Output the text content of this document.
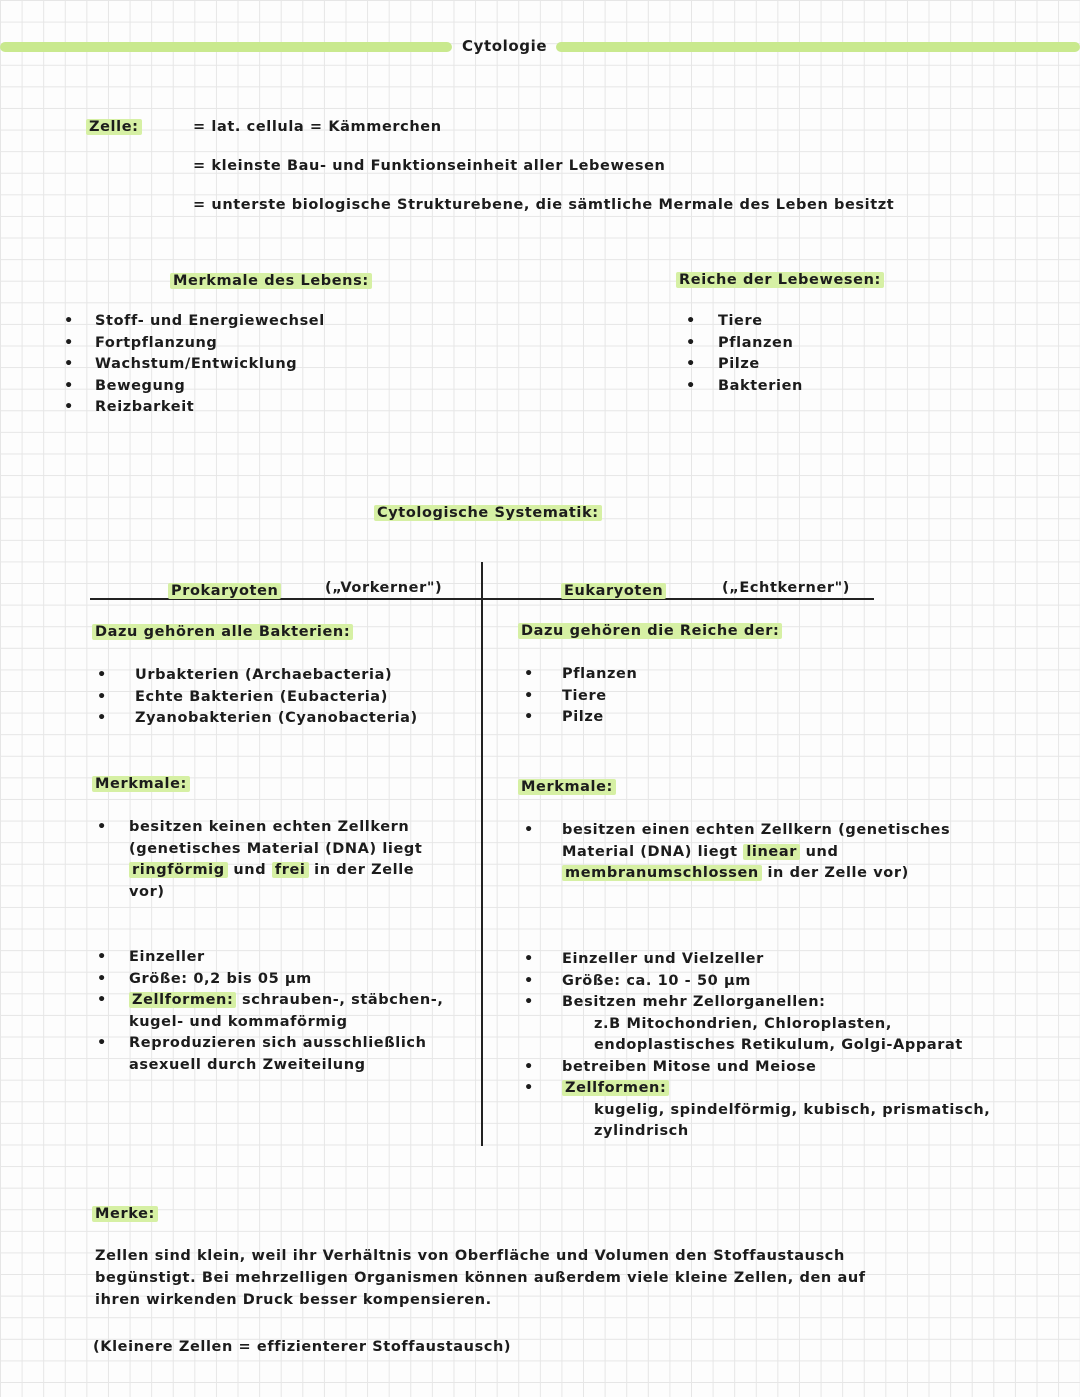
Cytologie
Zelle:	= lat. cellula = Kämmerchen
= kleinste Bau- und Funktionseinheit aller Lebewesen
= unterste biologische Strukturebene, die sämtliche Mermale des Leben besitzt
Merkmale des Lebens:
• Stoff- und Energiewechsel
• Fortpflanzung
• Wachstum/Entwicklung
• Bewegung
• Reizbarkeit
Reiche der Lebewesen:
• Tiere
• Pflanzen
• Pilze
• Bakterien
Cytologische Systematik:
Prokaryoten	(„Vorkerner")
Dazu gehören alle Bakterien:
• Urbakterien (Archaebacteria)
• Echte Bakterien (Eubacteria)
• Zyanobakterien (Cyanobacteria)
Merkmale:
• besitzen keinen echten Zellkern
(genetisches Material (DNA) liegt
ringförmig und frei in der Zelle
vor)
• Einzeller
• Größe: 0,2 bis 05 µm
• Zellformen: schrauben-, stäbchen-,
kugel- und kommaförmig
• Reproduzieren sich ausschließlich
asexuell durch Zweiteilung
Eukaryoten	(„Echtkerner")
Dazu gehören die Reiche der:
• Pflanzen
• Tiere
• Pilze
Merkmale:
• besitzen einen echten Zellkern (genetisches
Material (DNA) liegt linear und
membranumschlossen in der Zelle vor)
• Einzeller und Vielzeller
• Größe: ca. 10 - 50 µm
• Besitzen mehr Zellorganellen:
z.B Mitochondrien, Chloroplasten,
endoplastisches Retikulum, Golgi-Apparat
• betreiben Mitose und Meiose
• Zellformen:
kugelig, spindelförmig, kubisch, prismatisch,
zylindrisch
Merke:
Zellen sind klein, weil ihr Verhältnis von Oberfläche und Volumen den Stoffaustausch
begünstigt. Bei mehrzelligen Organismen können außerdem viele kleine Zellen, den auf
ihren wirkenden Druck besser kompensieren.
(Kleinere Zellen = effizienterer Stoffaustausch)
